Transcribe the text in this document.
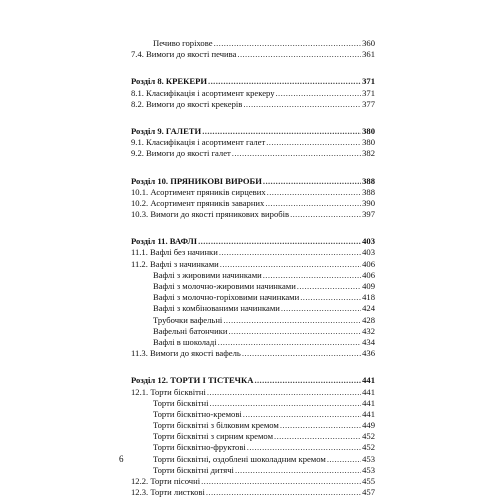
Печиво горіхове .....	360
7.4. Вимоги до якості печива .....	361
Розділ 8. КРЕКЕРИ .....	371
8.1. Класифікація і асортимент крекеру .....	371
8.2. Вимоги до якості крекерів .....	377
Розділ 9. ГАЛЕТИ .....	380
9.1. Класифікація і асортимент галет .....	380
9.2. Вимоги до якості галет .....	382
Розділ 10. ПРЯНИКОВІ ВИРОБИ .....	388
10.1. Асортимент пряників сирцевих .....	388
10.2. Асортимент пряників заварних .....	390
10.3. Вимоги до якості пряникових виробів .....	397
Розділ 11. ВАФЛІ .....	403
11.1. Вафлі без начинки .....	403
11.2. Вафлі з начинками .....	406
Вафлі з жировими начинками .....	406
Вафлі з молочно-жировими начинками .....	409
Вафлі з молочно-горіховими начинками .....	418
Вафлі з комбінованими начинками .....	424
Трубочки вафельні .....	428
Вафельні батончики .....	432
Вафлі в шоколаді .....	434
11.3. Вимоги до якості вафель .....	436
Розділ 12. ТОРТИ І ТІСТЕЧКА .....	441
12.1. Торти бісквітні .....	441
Торти бісквітні .....	441
Торти бісквітно-кремові .....	441
Торти бісквітні з білковим кремом .....	449
Торти бісквітні з сирним кремом .....	452
Торти бісквітно-фруктові .....	452
Торти бісквітні, оздоблені шоколадним кремом .....	453
Торти бісквітні дитячі .....	453
12.2. Торти пісочні .....	455
12.3. Торти листкові .....	457
6
